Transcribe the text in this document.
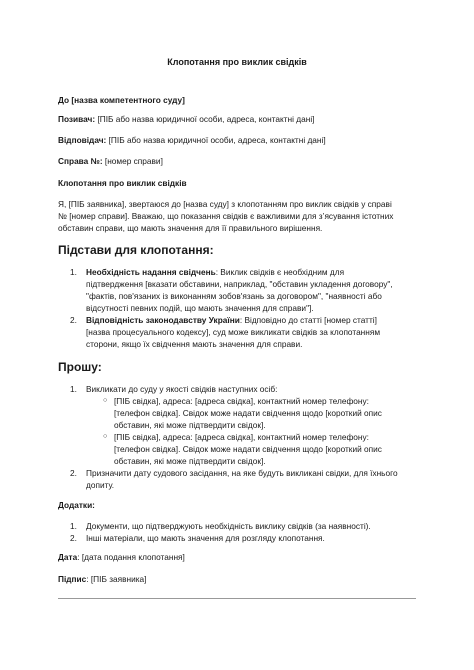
Клопотання про виклик свідків
До [назва компетентного суду]
Позивач: [ПІБ або назва юридичної особи, адреса, контактні дані]
Відповідач: [ПІБ або назва юридичної особи, адреса, контактні дані]
Справа №: [номер справи]
Клопотання про виклик свідків
Я, [ПІБ заявника], звертаюся до [назва суду] з клопотанням про виклик свідків у справі
№ [номер справи]. Вважаю, що показання свідків є важливими для з’ясування істотних
обставин справи, що мають значення для її правильного вирішення.
Підстави для клопотання:
1. Необхідність надання свідчень: Виклик свідків є необхідним для
підтвердження [вказати обставини, наприклад, "обставин укладення договору",
"фактів, пов'язаних із виконанням зобов'язань за договором", "наявності або
відсутності певних подій, що мають значення для справи"].
2. Відповідність законодавству України: Відповідно до статті [номер статті]
[назва процесуального кодексу], суд може викликати свідків за клопотанням
сторони, якщо їх свідчення мають значення для справи.
Прошу:
1. Викликати до суду у якості свідків наступних осіб:
○ [ПІБ свідка], адреса: [адреса свідка], контактний номер телефону:
[телефон свідка]. Свідок може надати свідчення щодо [короткий опис
обставин, які може підтвердити свідок].
○ [ПІБ свідка], адреса: [адреса свідка], контактний номер телефону:
[телефон свідка]. Свідок може надати свідчення щодо [короткий опис
обставин, які може підтвердити свідок].
2. Призначити дату судового засідання, на яке будуть викликані свідки, для їхнього
допиту.
Додатки:
1. Документи, що підтверджують необхідність виклику свідків (за наявності).
2. Інші матеріали, що мають значення для розгляду клопотання.
Дата: [дата подання клопотання]
Підпис: [ПІБ заявника]
